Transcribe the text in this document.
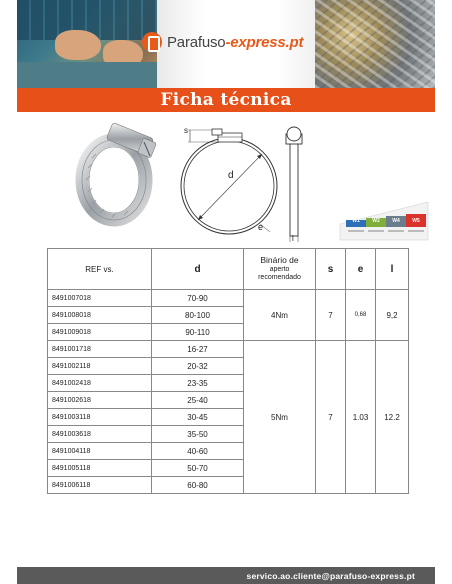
Parafuso-express.pt
Ficha técnica
s
d
e
l
W1	W2	W4	W5
REF vs.	d	Binário de
aperto
recomendado	s	e	l
8491007018	70-90	4Nm	7	0,68	9,2
8491008018	80-100				
8491009018	90-110				
8491001718	16-27	5Nm	7	1.03	12.2
8491002118	20-32				
8491002418	23-35				
8491002618	25-40				
8491003118	30-45				
8491003618	35-50				
8491004118	40-60				
8491005118	50-70				
8491006118	60-80				
servico.ao.cliente@parafuso-express.pt
